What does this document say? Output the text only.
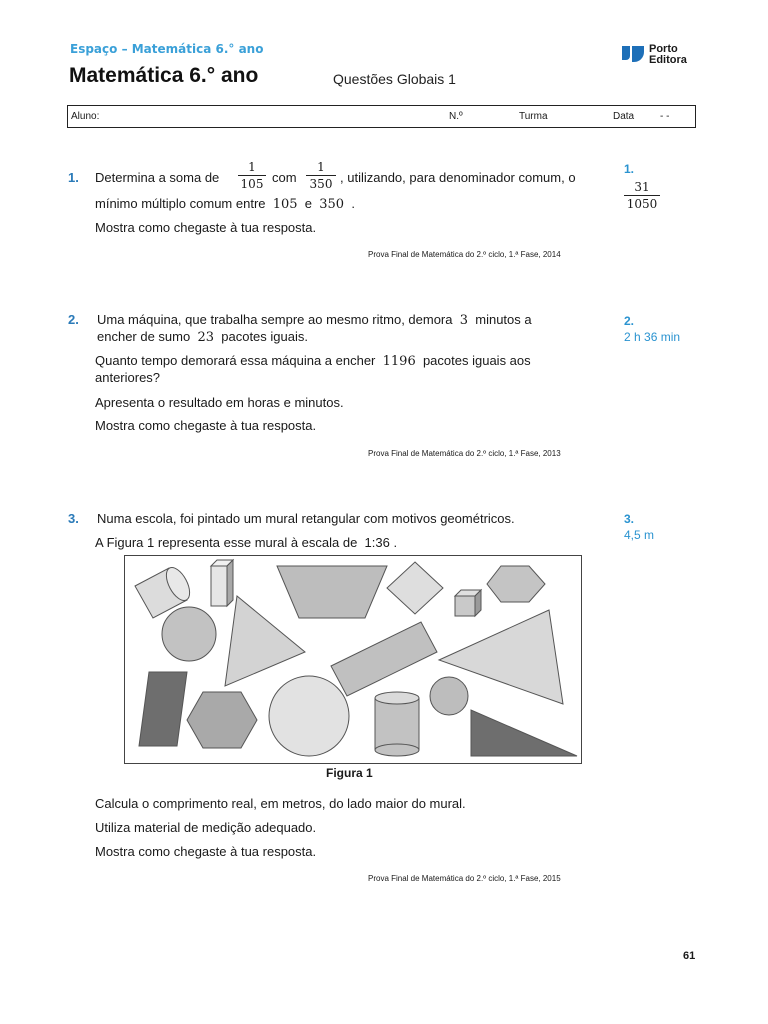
Espaço – Matemática 6.° ano
Matemática 6.° ano	Questões Globais 1
Porto
Editora
Aluno:	N.º	Turma	Data	- -
1. Determina a soma de
1
105 com
1
350 , utilizando, para denominador comum, o
mínimo múltiplo comum entre 105 e 350 .
Mostra como chegaste à tua resposta.
Prova Final de Matemática do 2.º ciclo, 1.ª Fase, 2014
2. Uma máquina, que trabalha sempre ao mesmo ritmo, demora 3 minutos a
encher de sumo 23 pacotes iguais.
Quanto tempo demorará essa máquina a encher 1196 pacotes iguais aos
anteriores?
Apresenta o resultado em horas e minutos.
Mostra como chegaste à tua resposta.
Prova Final de Matemática do 2.º ciclo, 1.ª Fase, 2013
3. Numa escola, foi pintado um mural retangular com motivos geométricos.
A Figura 1 representa esse mural à escala de 1:36 .
Figura 1
Calcula o comprimento real, em metros, do lado maior do mural.
Utiliza material de medição adequado.
Mostra como chegaste à tua resposta.
Prova Final de Matemática do 2.º ciclo, 1.ª Fase, 2015
1.
31
1050
2.
2 h 36 min
3.
4,5 m
61
